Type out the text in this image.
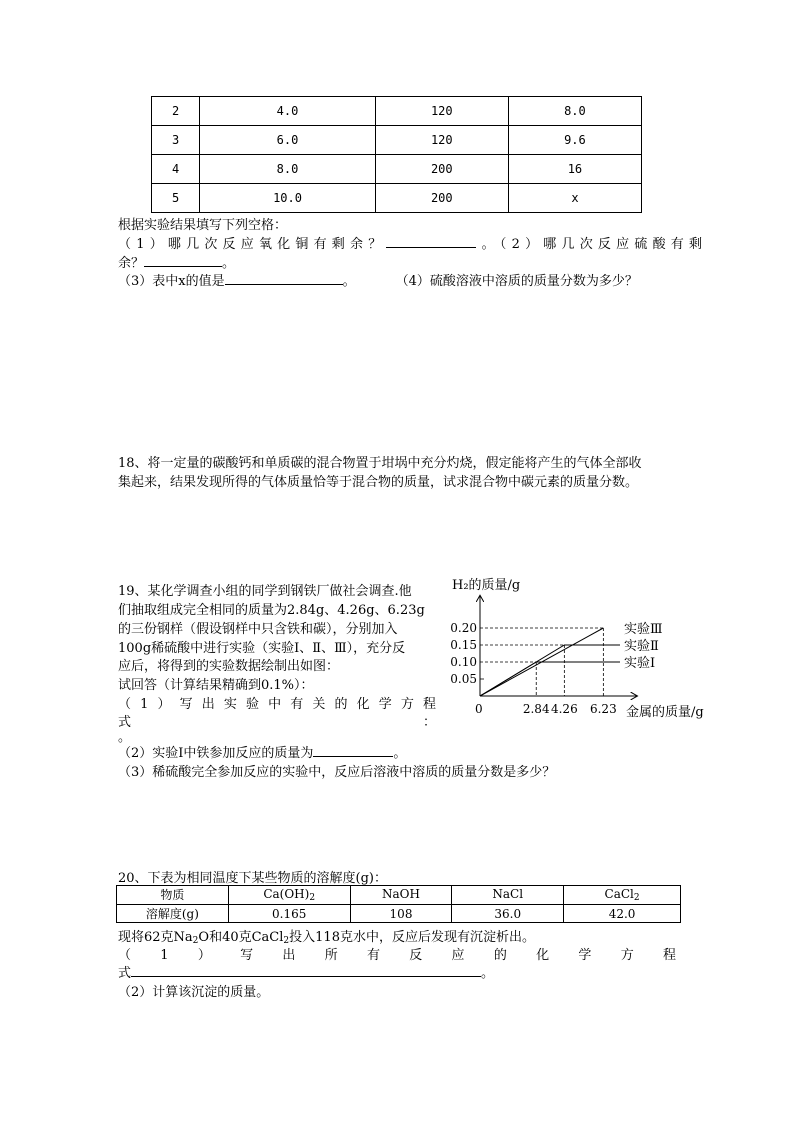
2	4.0	120	8.0
3	6.0	120	9.6
4	8.0	200	16
5	10.0	200	x
根据实验结果填写下列空格：
（1）哪几次反应氧化铜有剩余？	。（2）哪几次反应硫酸有剩
余？	。
（3）表中x的值是	。	（4）硫酸溶液中溶质的质量分数为多少？
18、将一定量的碳酸钙和单质碳的混合物置于坩埚中充分灼烧，假定能将产生的气体全部收
集起来，结果发现所得的气体质量恰等于混合物的质量，试求混合物中碳元素的质量分数。
19、某化学调查小组的同学到钢铁厂做社会调查.他
们抽取组成完全相同的质量为2.84g、4.26g、6.23g
的三份钢样（假设钢样中只含铁和碳），分别加入
100g稀硫酸中进行实验（实验Ⅰ、Ⅱ、Ⅲ），充分反
应后，将得到的实验数据绘制出如图：
试回答（计算结果精确到0.1%）：
（1）写出实验中有关的化学方程
式	：
。
（2）实验Ⅰ中铁参加反应的质量为	。
（3）稀硫酸完全参加反应的实验中，反应后溶液中溶质的质量分数是多少？
H₂的质量/g
金属的质量/g
0
0.20
0.15
0.10
0.05
2.84 4.26 6.23
实验Ⅲ
实验Ⅱ
实验Ⅰ
20、下表为相同温度下某些物质的溶解度(g)：
物质	$Ca(OH)_2$	NaOH	NaCl	CaCl$_2$
溶解度(g)	0.165	108	36.0	42.0
现将62克$Na_2O$和40克CaCl$_2$投入118克水中，反应后发现有沉淀析出。
（1）写出所有反应的化学方程
式	。
（2）计算该沉淀的质量。
